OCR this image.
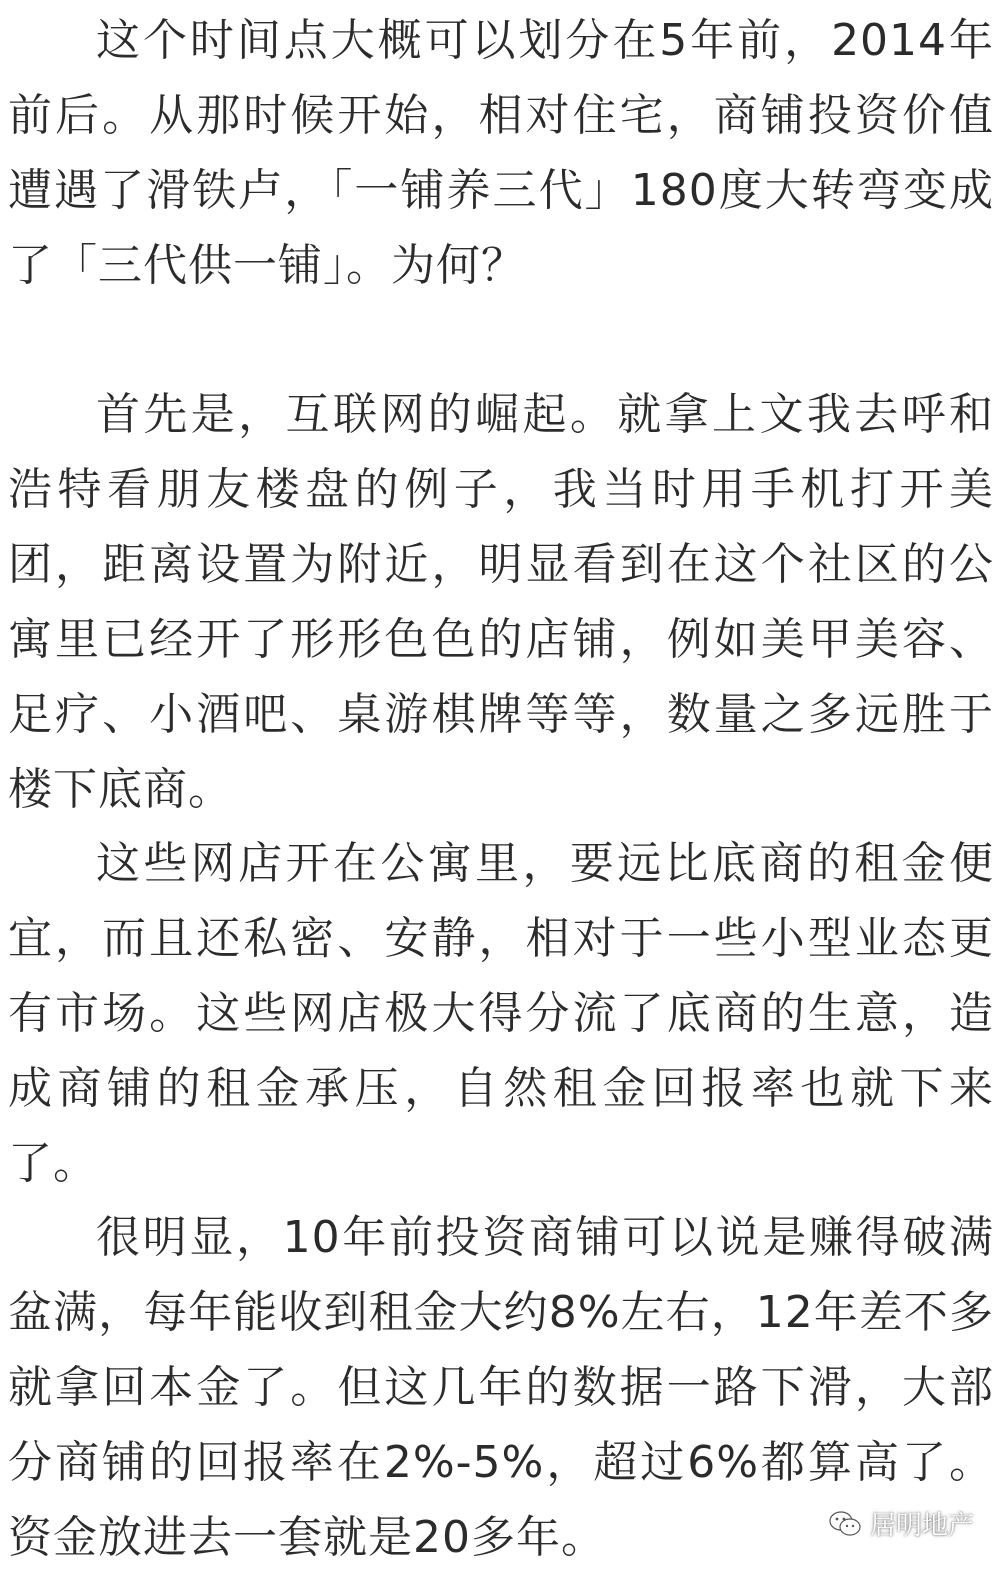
这个时间点大概可以划分在5年前，2014年前后。从那时候开始，相对住宅，商铺投资价值遭遇了滑铁卢，「一铺养三代」180度大转弯变成了「三代供一铺」。为何？

首先是，互联网的崛起。就拿上文我去呼和浩特看朋友楼盘的例子，我当时用手机打开美团，距离设置为附近，明显看到在这个社区的公寓里已经开了形形色色的店铺，例如美甲美容、足疗、小酒吧、桌游棋牌等等，数量之多远胜于楼下底商。

这些网店开在公寓里，要远比底商的租金便宜，而且还私密、安静，相对于一些小型业态更有市场。这些网店极大得分流了底商的生意，造成商铺的租金承压，自然租金回报率也就下来了。

很明显，10年前投资商铺可以说是赚得破满盆满，每年能收到租金大约8%左右，12年差不多就拿回本金了。但这几年的数据一路下滑，大部分商铺的回报率在2%-5%，超过6%都算高了。资金放进去一套就是20多年。	居明地产
